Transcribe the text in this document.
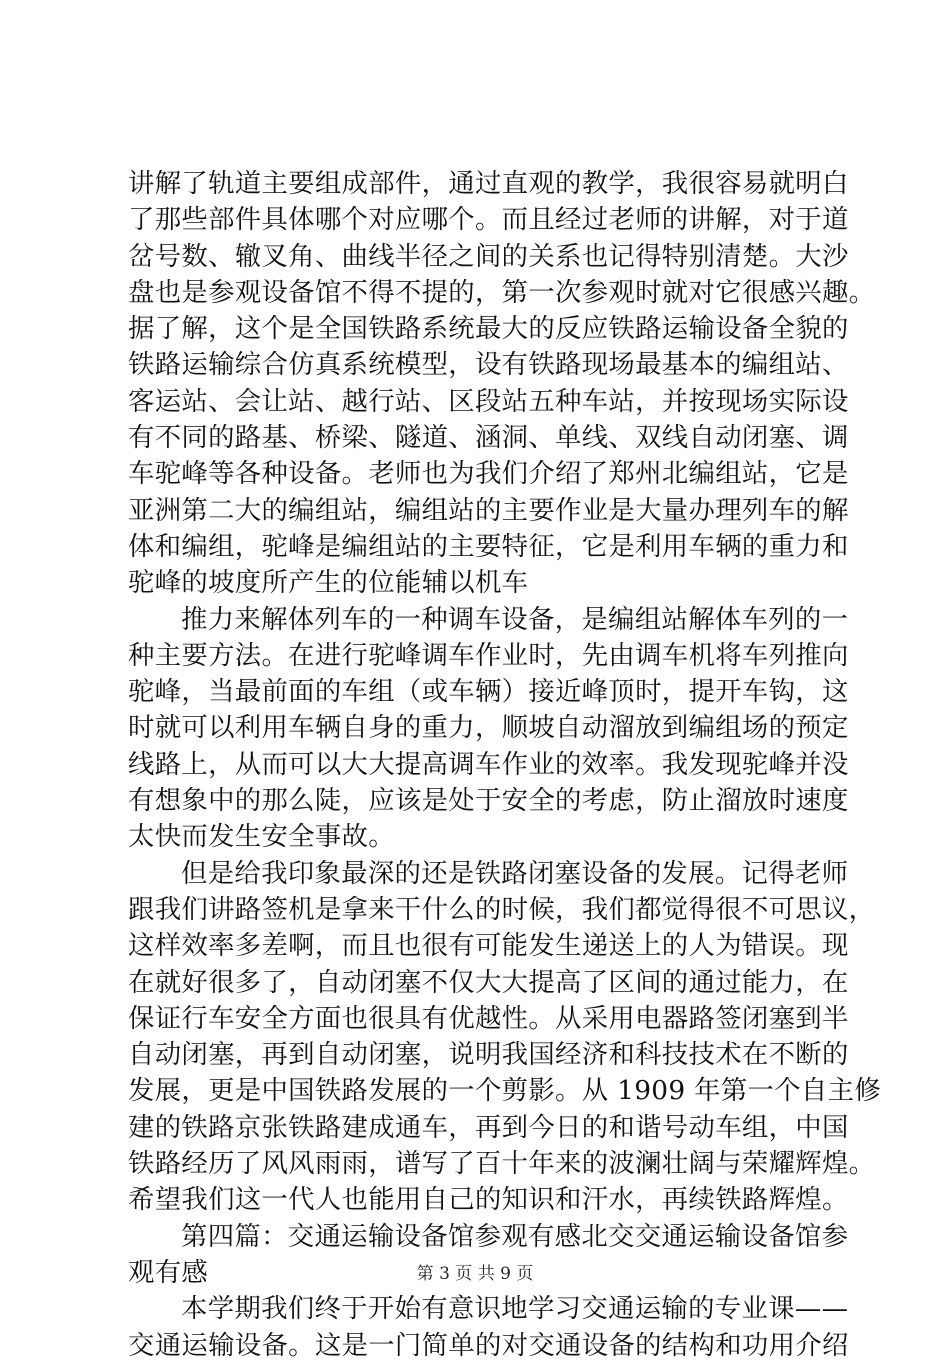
讲解了轨道主要组成部件，通过直观的教学，我很容易就明白
了那些部件具体哪个对应哪个。而且经过老师的讲解，对于道
岔号数、辙叉角、曲线半径之间的关系也记得特别清楚。大沙
盘也是参观设备馆不得不提的，第一次参观时就对它很感兴趣。
据了解，这个是全国铁路系统最大的反应铁路运输设备全貌的
铁路运输综合仿真系统模型，设有铁路现场最基本的编组站、
客运站、会让站、越行站、区段站五种车站，并按现场实际设
有不同的路基、桥梁、隧道、涵洞、单线、双线自动闭塞、调
车驼峰等各种设备。老师也为我们介绍了郑州北编组站，它是
亚洲第二大的编组站，编组站的主要作业是大量办理列车的解
体和编组，驼峰是编组站的主要特征，它是利用车辆的重力和
驼峰的坡度所产生的位能辅以机车
推力来解体列车的一种调车设备，是编组站解体车列的一
种主要方法。在进行驼峰调车作业时，先由调车机将车列推向
驼峰，当最前面的车组（或车辆）接近峰顶时，提开车钩，这
时就可以利用车辆自身的重力，顺坡自动溜放到编组场的预定
线路上，从而可以大大提高调车作业的效率。我发现驼峰并没
有想象中的那么陡，应该是处于安全的考虑，防止溜放时速度
太快而发生安全事故。
但是给我印象最深的还是铁路闭塞设备的发展。记得老师
跟我们讲路签机是拿来干什么的时候，我们都觉得很不可思议，
这样效率多差啊，而且也很有可能发生递送上的人为错误。现
在就好很多了，自动闭塞不仅大大提高了区间的通过能力，在
保证行车安全方面也很具有优越性。从采用电器路签闭塞到半
自动闭塞，再到自动闭塞，说明我国经济和科技技术在不断的
发展，更是中国铁路发展的一个剪影。从 1909 年第一个自主修
建的铁路京张铁路建成通车，再到今日的和谐号动车组，中国
铁路经历了风风雨雨，谱写了百十年来的波澜壮阔与荣耀辉煌。
希望我们这一代人也能用自己的知识和汗水，再续铁路辉煌。
第四篇：交通运输设备馆参观有感北交交通运输设备馆参
观有感
本学期我们终于开始有意识地学习交通运输的专业课——
交通运输设备。这是一门简单的对交通设备的结构和功用介绍
第 3 页 共 9 页
